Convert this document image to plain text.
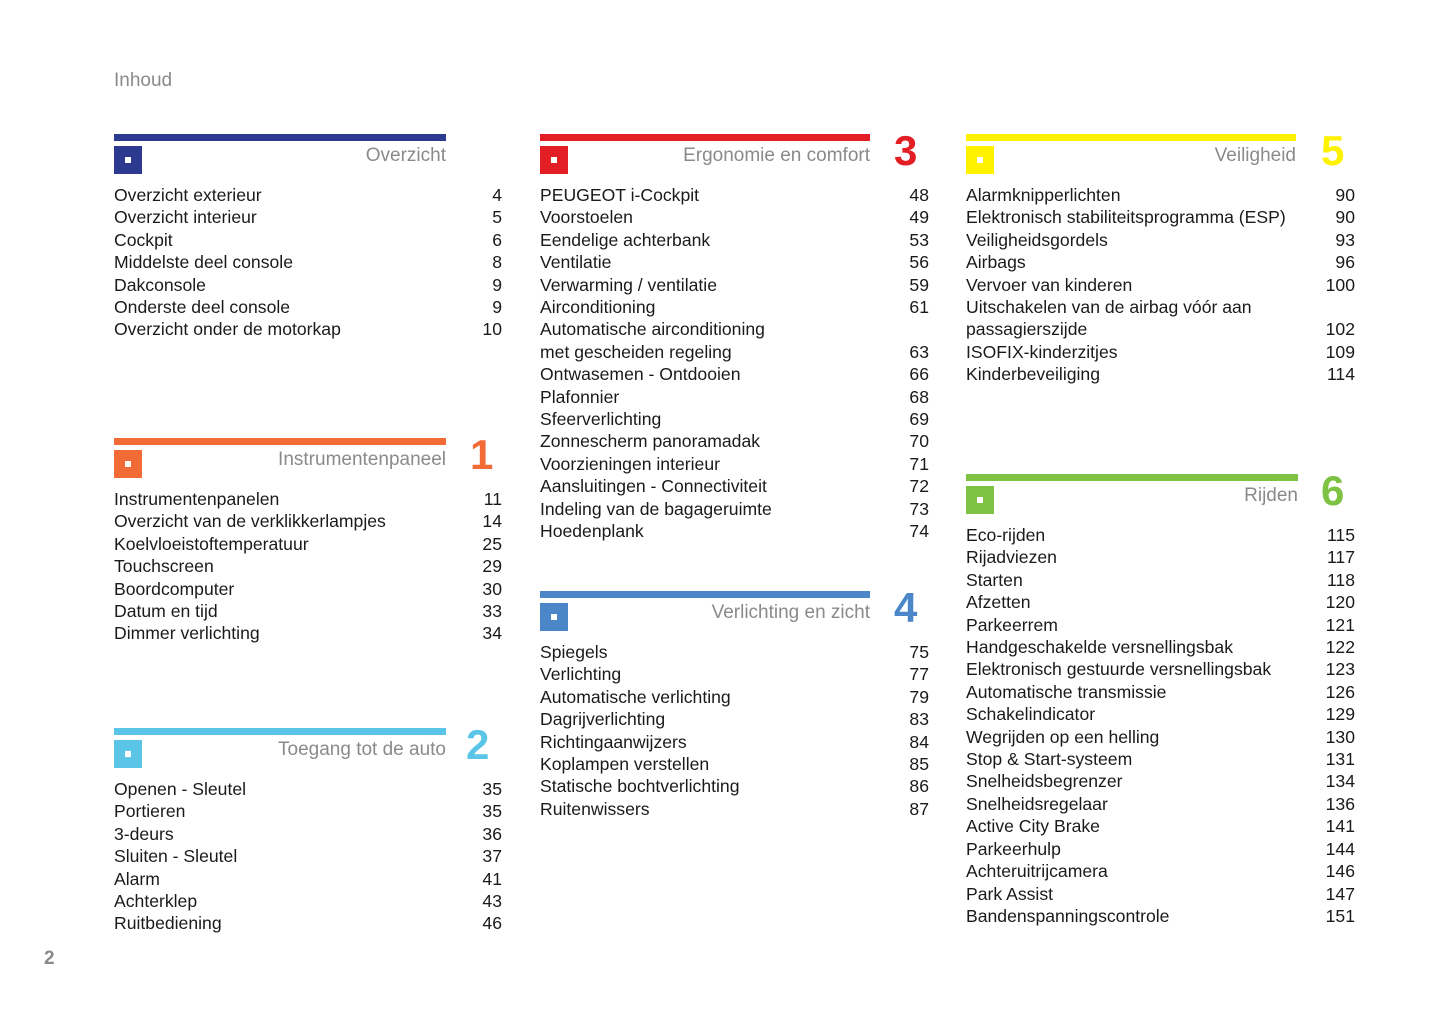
Inhoud
2
Overzicht
Overzicht exterieur	4
Overzicht interieur	5
Cockpit	6
Middelste deel console	8
Dakconsole	9
Onderste deel console	9
Overzicht onder de motorkap	10
Instrumentenpaneel 1
Instrumentenpanelen	11
Overzicht van de verklikkerlampjes	14
Koelvloeistoftemperatuur	25
Touchscreen	29
Boordcomputer	30
Datum en tijd	33
Dimmer verlichting	34
Toegang tot de auto 2
Openen - Sleutel	35
Portieren	35
3-deurs	36
Sluiten - Sleutel	37
Alarm	41
Achterklep	43
Ruitbediening	46
Ergonomie en comfort 3
PEUGEOT i-Cockpit	48
Voorstoelen	49
Eendelige achterbank	53
Ventilatie	56
Verwarming / ventilatie	59
Airconditioning	61
Automatische airconditioning
met gescheiden regeling	63
Ontwasemen - Ontdooien	66
Plafonnier	68
Sfeerverlichting	69
Zonnescherm panoramadak	70
Voorzieningen interieur	71
Aansluitingen - Connectiviteit	72
Indeling van de bagageruimte	73
Hoedenplank	74
Verlichting en zicht 4
Spiegels	75
Verlichting	77
Automatische verlichting	79
Dagrijverlichting	83
Richtingaanwijzers	84
Koplampen verstellen	85
Statische bochtverlichting	86
Ruitenwissers	87
Veiligheid 5
Alarmknipperlichten	90
Elektronisch stabiliteitsprogramma (ESP)	90
Veiligheidsgordels	93
Airbags	96
Vervoer van kinderen	100
Uitschakelen van de airbag vóór aan
passagierszijde	102
ISOFIX-kinderzitjes	109
Kinderbeveiliging	114
Rijden 6
Eco-rijden	115
Rijadviezen	117
Starten	118
Afzetten	120
Parkeerrem	121
Handgeschakelde versnellingsbak	122
Elektronisch gestuurde versnellingsbak	123
Automatische transmissie	126
Schakelindicator	129
Wegrijden op een helling	130
Stop & Start-systeem	131
Snelheidsbegrenzer	134
Snelheidsregelaar	136
Active City Brake	141
Parkeerhulp	144
Achteruitrijcamera	146
Park Assist	147
Bandenspanningscontrole	151
